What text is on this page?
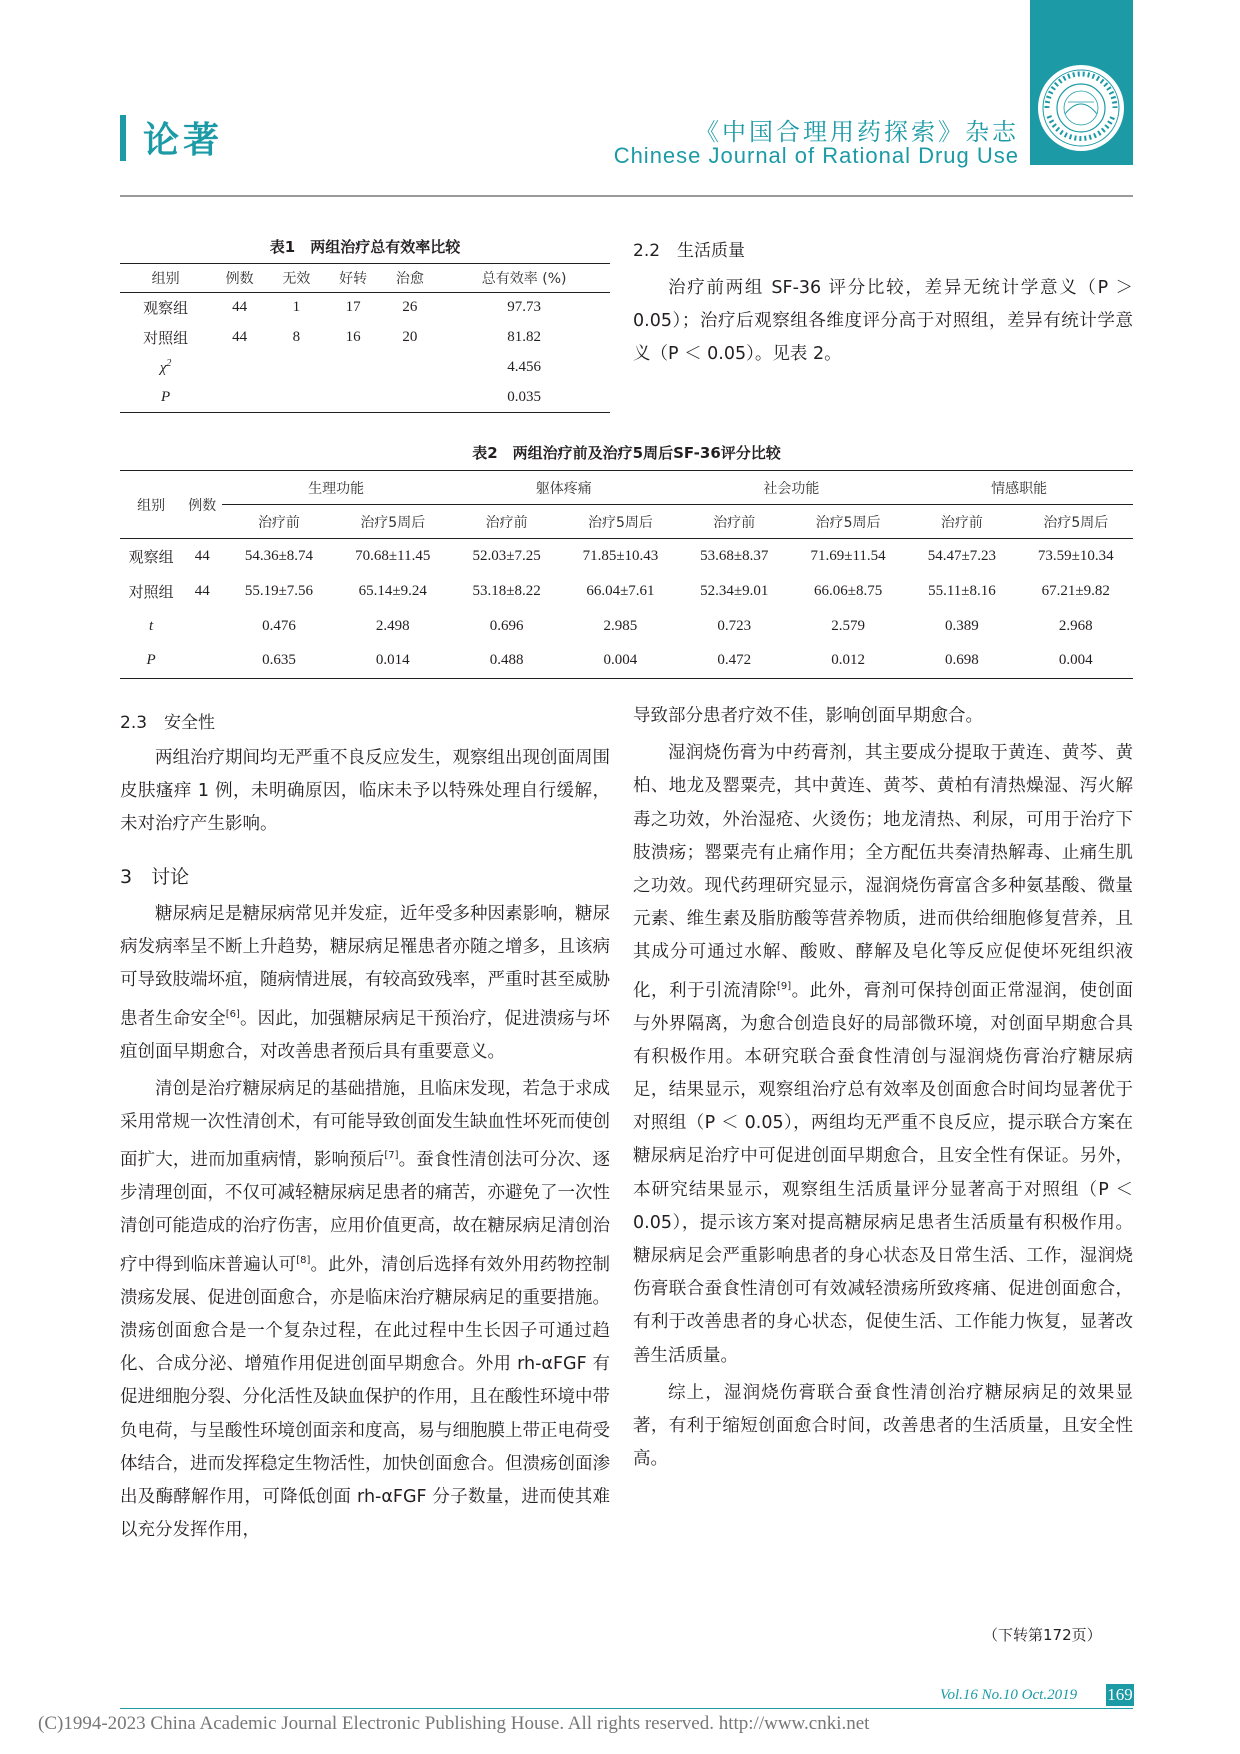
论著	《中国合理用药探索》杂志
Chinese Journal of Rational Drug Use
表1　两组治疗总有效率比较
组别	例数	无效	好转	治愈	总有效率 (%)
观察组	44	1	17	26	97.73
对照组	44	8	16	20	81.82
$\chi^2$					4.456
P					0.035
2.2　生活质量

治疗前两组 SF-36 评分比较，差异无统计学意义（P ＞ 0.05）；治疗后观察组各维度评分高于对照组，差异有统计学意义（P ＜ 0.05）。见表 2。

表2　两组治疗前及治疗5周后SF-36评分比较
组别	例数	生理功能		躯体疼痛		社会功能		情感职能	
		治疗前	治疗5周后	治疗前	治疗5周后	治疗前	治疗5周后	治疗前	治疗5周后
观察组	44	54.36±8.74	70.68±11.45	52.03±7.25	71.85±10.43	53.68±8.37	71.69±11.54	54.47±7.23	73.59±10.34
对照组	44	55.19±7.56	65.14±9.24	53.18±8.22	66.04±7.61	52.34±9.01	66.06±8.75	55.11±8.16	67.21±9.82
t		0.476	2.498	0.696	2.985	0.723	2.579	0.389	2.968
P		0.635	0.014	0.488	0.004	0.472	0.012	0.698	0.004
2.3　安全性

两组治疗期间均无严重不良反应发生，观察组出现创面周围皮肤瘙痒 1 例，未明确原因，临床未予以特殊处理自行缓解，未对治疗产生影响。

3　讨论

糖尿病足是糖尿病常见并发症，近年受多种因素影响，糖尿病发病率呈不断上升趋势，糖尿病足罹患者亦随之增多，且该病可导致肢端坏疽，随病情进展，有较高致残率，严重时甚至威胁患者生命安全[6]。因此，加强糖尿病足干预治疗，促进溃疡与坏疽创面早期愈合，对改善患者预后具有重要意义。

清创是治疗糖尿病足的基础措施，且临床发现，若急于求成采用常规一次性清创术，有可能导致创面发生缺血性坏死而使创面扩大，进而加重病情，影响预后[7]。蚕食性清创法可分次、逐步清理创面，不仅可减轻糖尿病足患者的痛苦，亦避免了一次性清创可能造成的治疗伤害，应用价值更高，故在糖尿病足清创治疗中得到临床普遍认可[8]。此外，清创后选择有效外用药物控制溃疡发展、促进创面愈合，亦是临床治疗糖尿病足的重要措施。溃疡创面愈合是一个复杂过程，在此过程中生长因子可通过趋化、合成分泌、增殖作用促进创面早期愈合。外用 rh-αFGF 有促进细胞分裂、分化活性及缺血保护的作用，且在酸性环境中带负电荷，与呈酸性环境创面亲和度高，易与细胞膜上带正电荷受体结合，进而发挥稳定生物活性，加快创面愈合。但溃疡创面渗出及酶酵解作用，可降低创面 rh-αFGF 分子数量，进而使其难以充分发挥作用，

导致部分患者疗效不佳，影响创面早期愈合。

湿润烧伤膏为中药膏剂，其主要成分提取于黄连、黄芩、黄柏、地龙及罂粟壳，其中黄连、黄芩、黄柏有清热燥湿、泻火解毒之功效，外治湿疮、火烫伤；地龙清热、利尿，可用于治疗下肢溃疡；罂粟壳有止痛作用；全方配伍共奏清热解毒、止痛生肌之功效。现代药理研究显示，湿润烧伤膏富含多种氨基酸、微量元素、维生素及脂肪酸等营养物质，进而供给细胞修复营养，且其成分可通过水解、酸败、酵解及皂化等反应促使坏死组织液化，利于引流清除[9]。此外，膏剂可保持创面正常湿润，使创面与外界隔离，为愈合创造良好的局部微环境，对创面早期愈合具有积极作用。本研究联合蚕食性清创与湿润烧伤膏治疗糖尿病足，结果显示，观察组治疗总有效率及创面愈合时间均显著优于对照组（P ＜ 0.05），两组均无严重不良反应，提示联合方案在糖尿病足治疗中可促进创面早期愈合，且安全性有保证。另外，本研究结果显示，观察组生活质量评分显著高于对照组（P ＜ 0.05），提示该方案对提高糖尿病足患者生活质量有积极作用。糖尿病足会严重影响患者的身心状态及日常生活、工作，湿润烧伤膏联合蚕食性清创可有效减轻溃疡所致疼痛、促进创面愈合，有利于改善患者的身心状态，促使生活、工作能力恢复，显著改善生活质量。

综上，湿润烧伤膏联合蚕食性清创治疗糖尿病足的效果显著，有利于缩短创面愈合时间，改善患者的生活质量，且安全性高。

（下转第172页）
Vol.16 No.10 Oct.2019 169
(C)1994-2023 China Academic Journal Electronic Publishing House. All rights reserved. http://www.cnki.net
